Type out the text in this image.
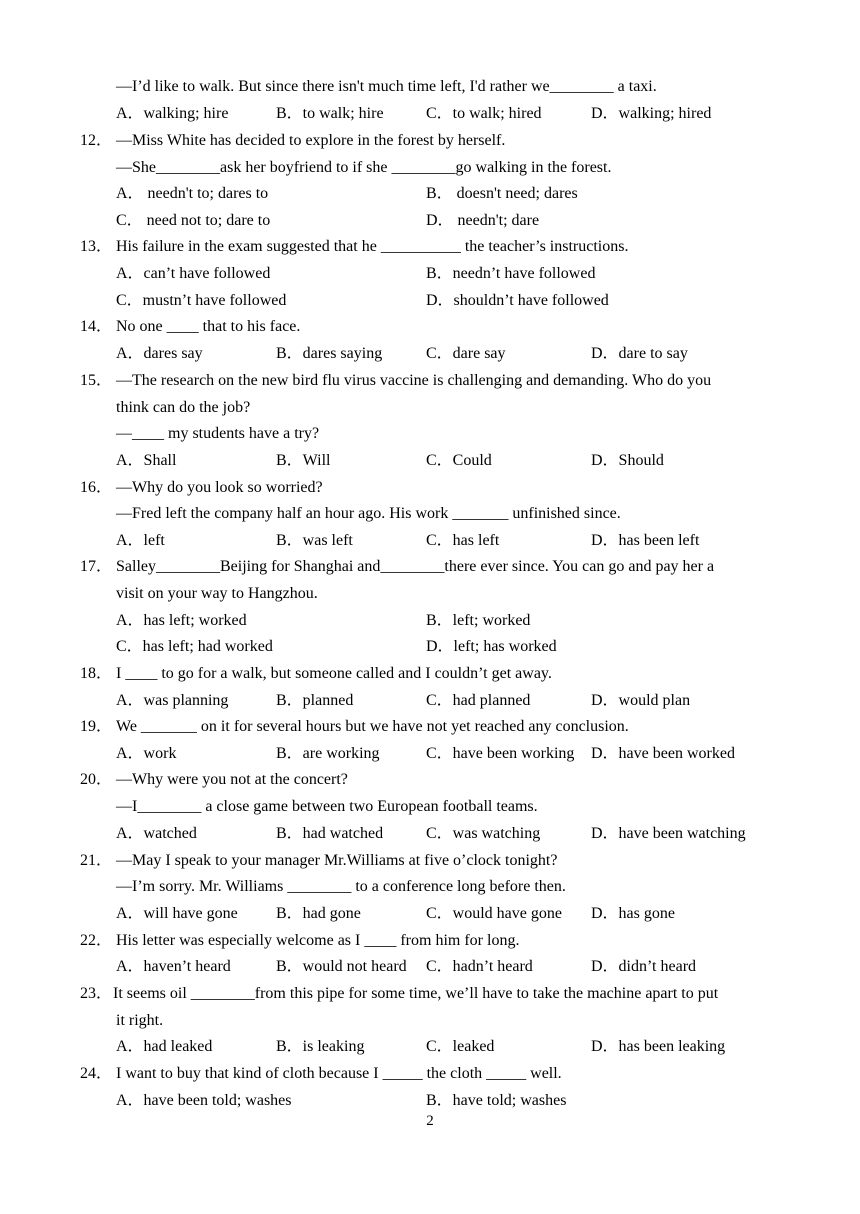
—I’d like to walk. But since there isn't much time left, I'd rather we________ a taxi.
12． —Miss White has decided to explore in the forest by herself.
—She________ask her boyfriend to if she ________go walking in the forest.
13． His failure in the exam suggested that he __________ the teacher’s instructions.
14． No one ____ that to his face.
15． —The research on the new bird flu virus vaccine is challenging and demanding. Who do you
think can do the job?
—____ my students have a try?
16． —Why do you look so worried?
—Fred left the company half an hour ago. His work _______ unfinished since.
17． Salley________Beijing for Shanghai and________there ever since. You can go and pay her a
visit on your way to Hangzhou.
18． I ____ to go for a walk, but someone called and I couldn’t get away.
19． We _______ on it for several hours but we have not yet reached any conclusion.
20． —Why were you not at the concert?
—I________ a close game between two European football teams.
21． —May I speak to your manager Mr.Williams at five o’clock tonight?
—I’m sorry. Mr. Williams ________ to a conference long before then.
22． His letter was especially welcome as I ____ from him for long.
23． It seems oil ________from this pipe for some time, we’ll have to take the machine apart to put
it right.
24． I want to buy that kind of cloth because I _____ the cloth _____ well.
A．walking; hire	B．to walk; hire	C．to walk; hired	D．walking; hired
A． needn't to; dares to	B． doesn't need; dares
C． need not to; dare to	D． needn't; dare
A．can’t have followed	B．needn’t have followed
C．mustn’t have followed	D．shouldn’t have followed
A．dares say	B．dares saying	C．dare say	D．dare to say
A．Shall	B．Will	C．Could	D．Should
A．left	B．was left	C．has left	D．has been left
A．has left; worked	B．left; worked
C．has left; had worked	D．left; has worked
A．was planning	B．planned	C．had planned	D．would plan
A．work	B．are working	C．have been working D．have been worked
A．watched	B．had watched	C．was watching	D．have been watching
A．will have gone B．had gone	C．would have gone D．has gone
A．haven’t heard	B．would not heard C．hadn’t heard	D．didn’t heard
A．had leaked	B．is leaking	C．leaked	D．has been leaking
A．have been told; washes	B．have told; washes
2
